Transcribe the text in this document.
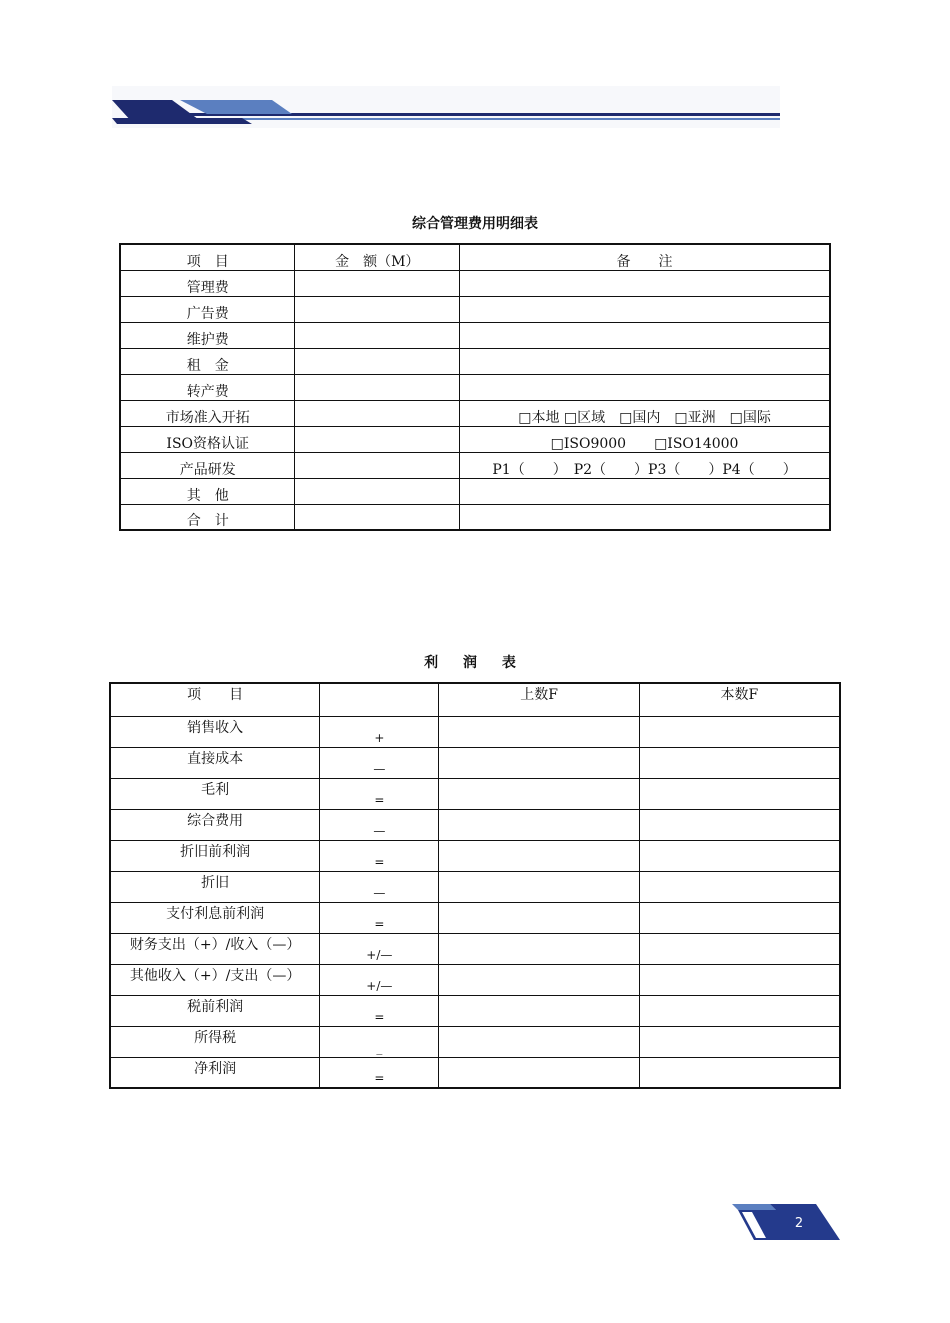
综合管理费用明细表
项　目	金　额（M）	备　　注
管理费		
广告费		
维护费		
租　金		
转产费		
市场准入开拓		□本地 □区域　□国内　□亚洲　□国际
ISO资格认证		□ISO9000　　□ISO14000
产品研发		P1（　　）　P2（　　）P3（　　）P4（　　）
其　他		
合　计		
利 润 表
项　　目		上数F	本数F
销售收入	+		
直接成本	—		
毛利	=		
综合费用	—		
折旧前利润	=		
折旧	—		
支付利息前利润	=		
财务支出（+）/收入（—）	+/—		
其他收入（+）/支出（—）	+/—		
税前利润	=		
所得税	_		
净利润	=		
2
